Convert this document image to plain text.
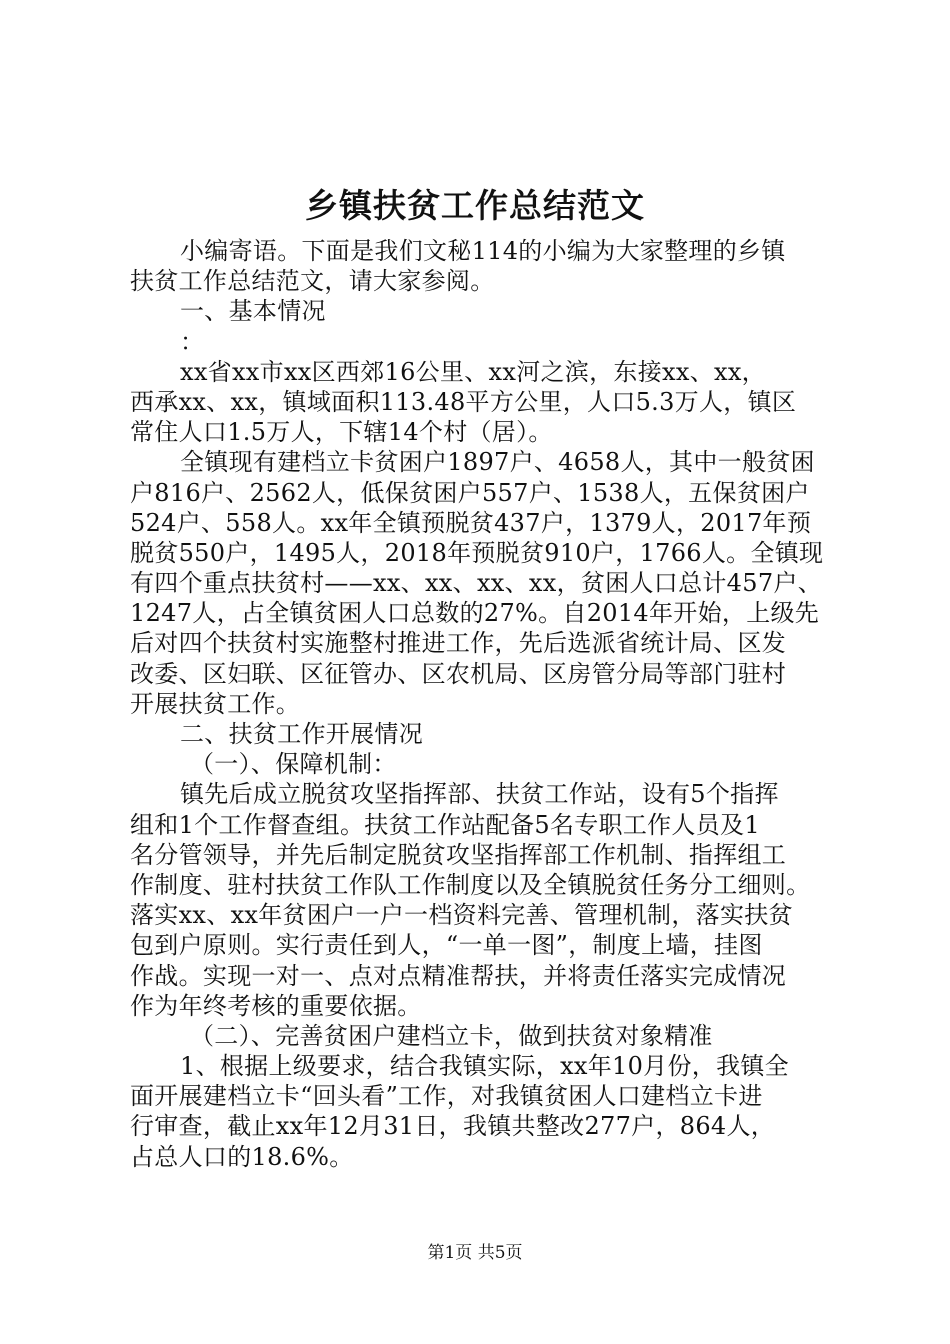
乡镇扶贫工作总结范文
小编寄语。下面是我们文秘114的小编为大家整理的乡镇
扶贫工作总结范文，请大家参阅。
一、基本情况
：
xx省xx市xx区西郊16公里、xx河之滨，东接xx、xx，
西承xx、xx，镇域面积113.48平方公里，人口5.3万人，镇区
常住人口1.5万人，下辖14个村（居）。
全镇现有建档立卡贫困户1897户、4658人，其中一般贫困
户816户、2562人，低保贫困户557户、1538人，五保贫困户
524户、558人。xx年全镇预脱贫437户，1379人，2017年预
脱贫550户，1495人，2018年预脱贫910户，1766人。全镇现
有四个重点扶贫村——xx、xx、xx、xx，贫困人口总计457户、
1247人，占全镇贫困人口总数的27%。自2014年开始，上级先
后对四个扶贫村实施整村推进工作，先后选派省统计局、区发
改委、区妇联、区征管办、区农机局、区房管分局等部门驻村
开展扶贫工作。
二、扶贫工作开展情况
（一）、保障机制：
镇先后成立脱贫攻坚指挥部、扶贫工作站，设有5个指挥
组和1个工作督查组。扶贫工作站配备5名专职工作人员及1
名分管领导，并先后制定脱贫攻坚指挥部工作机制、指挥组工
作制度、驻村扶贫工作队工作制度以及全镇脱贫任务分工细则。
落实xx、xx年贫困户一户一档资料完善、管理机制，落实扶贫
包到户原则。实行责任到人，“一单一图”，制度上墙，挂图
作战。实现一对一、点对点精准帮扶，并将责任落实完成情况
作为年终考核的重要依据。
（二）、完善贫困户建档立卡，做到扶贫对象精准
1、根据上级要求，结合我镇实际，xx年10月份，我镇全
面开展建档立卡“回头看”工作，对我镇贫困人口建档立卡进
行审查，截止xx年12月31日，我镇共整改277户，864人，
占总人口的18.6%。
第1页 共5页
